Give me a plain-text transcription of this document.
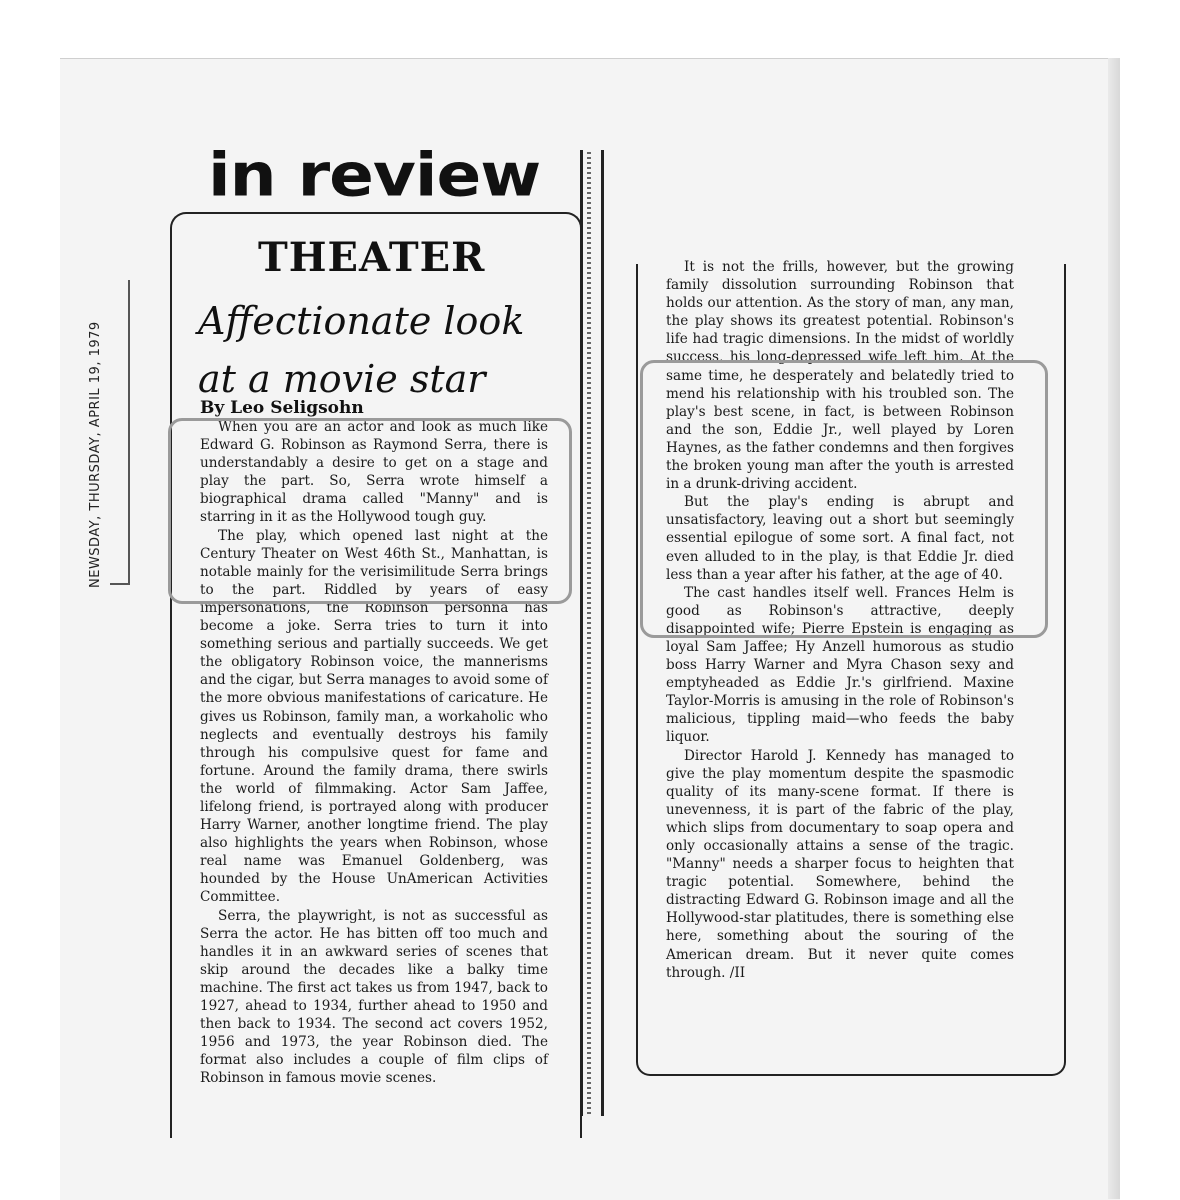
NEWSDAY, THURSDAY, APRIL 19, 1979
in review
THEATER
Affectionate look
at a movie star
By Leo Seligsohn

When you are an actor and look as much like Edward G. Robinson as Raymond Serra, there is understandably a desire to get on a stage and play the part. So, Serra wrote himself a biographical drama called "Manny" and is starring in it as the Hollywood tough guy.

The play, which opened last night at the Century Theater on West 46th St., Manhattan, is notable mainly for the verisimilitude Serra brings to the part. Riddled by years of easy impersonations, the Robinson personna has become a joke. Serra tries to turn it into something serious and partially succeeds. We get the obligatory Robinson voice, the mannerisms and the cigar, but Serra manages to avoid some of the more obvious manifestations of caricature. He gives us Robinson, family man, a workaholic who neglects and eventually destroys his family through his compulsive quest for fame and fortune. Around the family drama, there swirls the world of filmmaking. Actor Sam Jaffee, lifelong friend, is portrayed along with producer Harry Warner, another longtime friend. The play also highlights the years when Robinson, whose real name was Emanuel Goldenberg, was hounded by the House UnAmerican Activities Committee.

Serra, the playwright, is not as successful as Serra the actor. He has bitten off too much and handles it in an awkward series of scenes that skip around the decades like a balky time machine. The first act takes us from 1947, back to 1927, ahead to 1934, further ahead to 1950 and then back to 1934. The second act covers 1952, 1956 and 1973, the year Robinson died. The format also includes a couple of film clips of Robinson in famous movie scenes.

It is not the frills, however, but the growing family dissolution surrounding Robinson that holds our attention. As the story of man, any man, the play shows its greatest potential. Robinson's life had tragic dimensions. In the midst of worldly success, his long-depressed wife left him. At the same time, he desperately and belatedly tried to mend his relationship with his troubled son. The play's best scene, in fact, is between Robinson and the son, Eddie Jr., well played by Loren Haynes, as the father condemns and then forgives the broken young man after the youth is arrested in a drunk-driving accident.

But the play's ending is abrupt and unsatisfactory, leaving out a short but seemingly essential epilogue of some sort. A final fact, not even alluded to in the play, is that Eddie Jr. died less than a year after his father, at the age of 40.

The cast handles itself well. Frances Helm is good as Robinson's attractive, deeply disappointed wife; Pierre Epstein is engaging as loyal Sam Jaffee; Hy Anzell humorous as studio boss Harry Warner and Myra Chason sexy and emptyheaded as Eddie Jr.'s girlfriend. Maxine Taylor-Morris is amusing in the role of Robinson's malicious, tippling maid—who feeds the baby liquor.

Director Harold J. Kennedy has managed to give the play momentum despite the spasmodic quality of its many-scene format. If there is unevenness, it is part of the fabric of the play, which slips from documentary to soap opera and only occasionally attains a sense of the tragic. "Manny" needs a sharper focus to heighten that tragic potential. Somewhere, behind the distracting Edward G. Robinson image and all the Hollywood-star platitudes, there is something else here, something about the souring of the American dream. But it never quite comes through. /II
